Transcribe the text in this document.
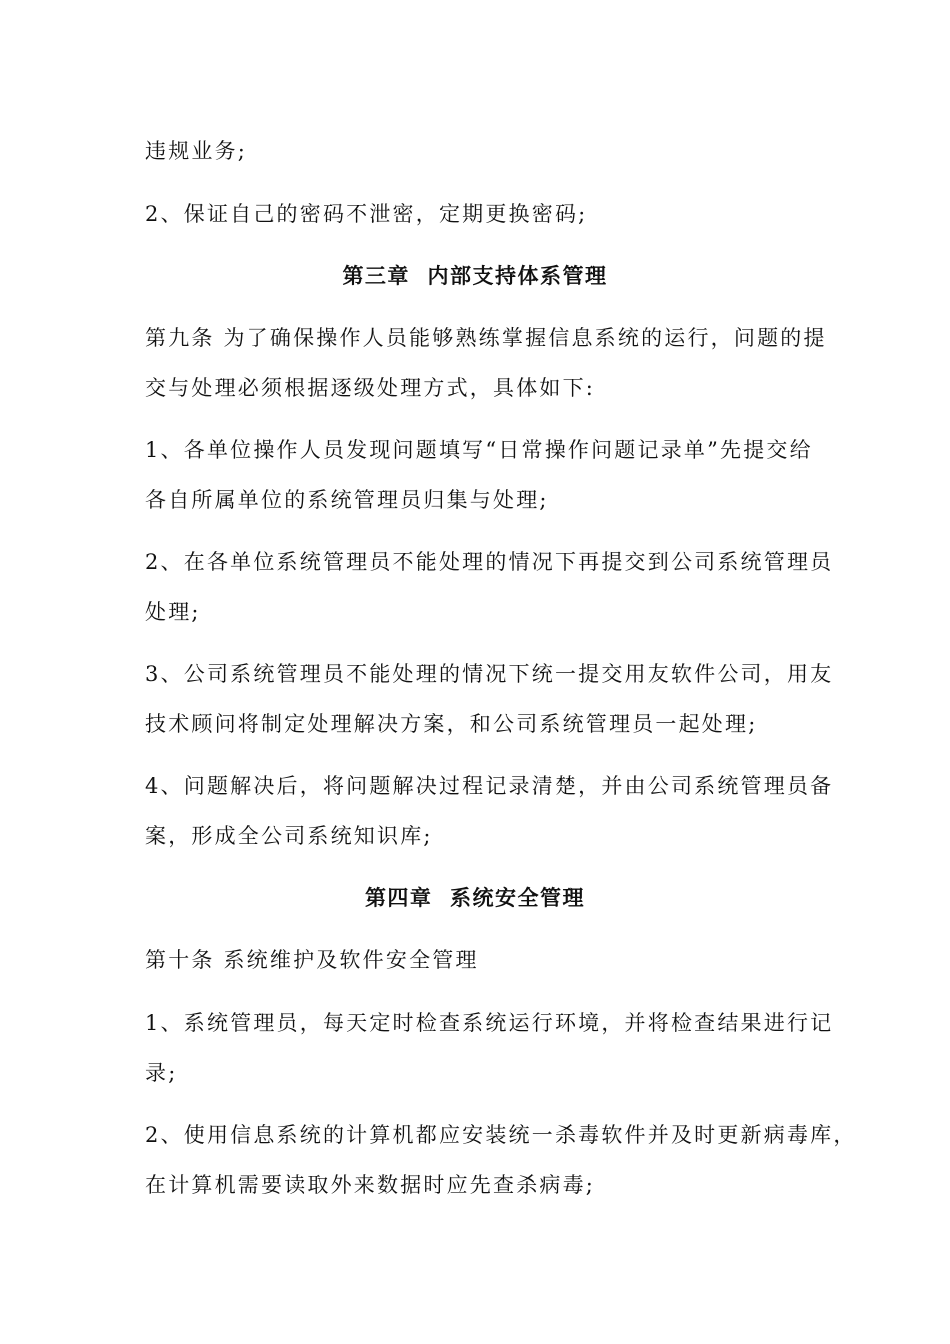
违规业务;
2、保证自己的密码不泄密，定期更换密码;
第三章  内部支持体系管理
第九条 为了确保操作人员能够熟练掌握信息系统的运行，问题的提
交与处理必须根据逐级处理方式，具体如下:
1、各单位操作人员发现问题填写“日常操作问题记录单”先提交给
各自所属单位的系统管理员归集与处理;
2、在各单位系统管理员不能处理的情况下再提交到公司系统管理员
处理;
3、公司系统管理员不能处理的情况下统一提交用友软件公司，用友
技术顾问将制定处理解决方案，和公司系统管理员一起处理;
4、问题解决后，将问题解决过程记录清楚，并由公司系统管理员备
案，形成全公司系统知识库;
第四章  系统安全管理
第十条 系统维护及软件安全管理
1、系统管理员，每天定时检查系统运行环境，并将检查结果进行记
录;
2、使用信息系统的计算机都应安装统一杀毒软件并及时更新病毒库，
在计算机需要读取外来数据时应先查杀病毒;
